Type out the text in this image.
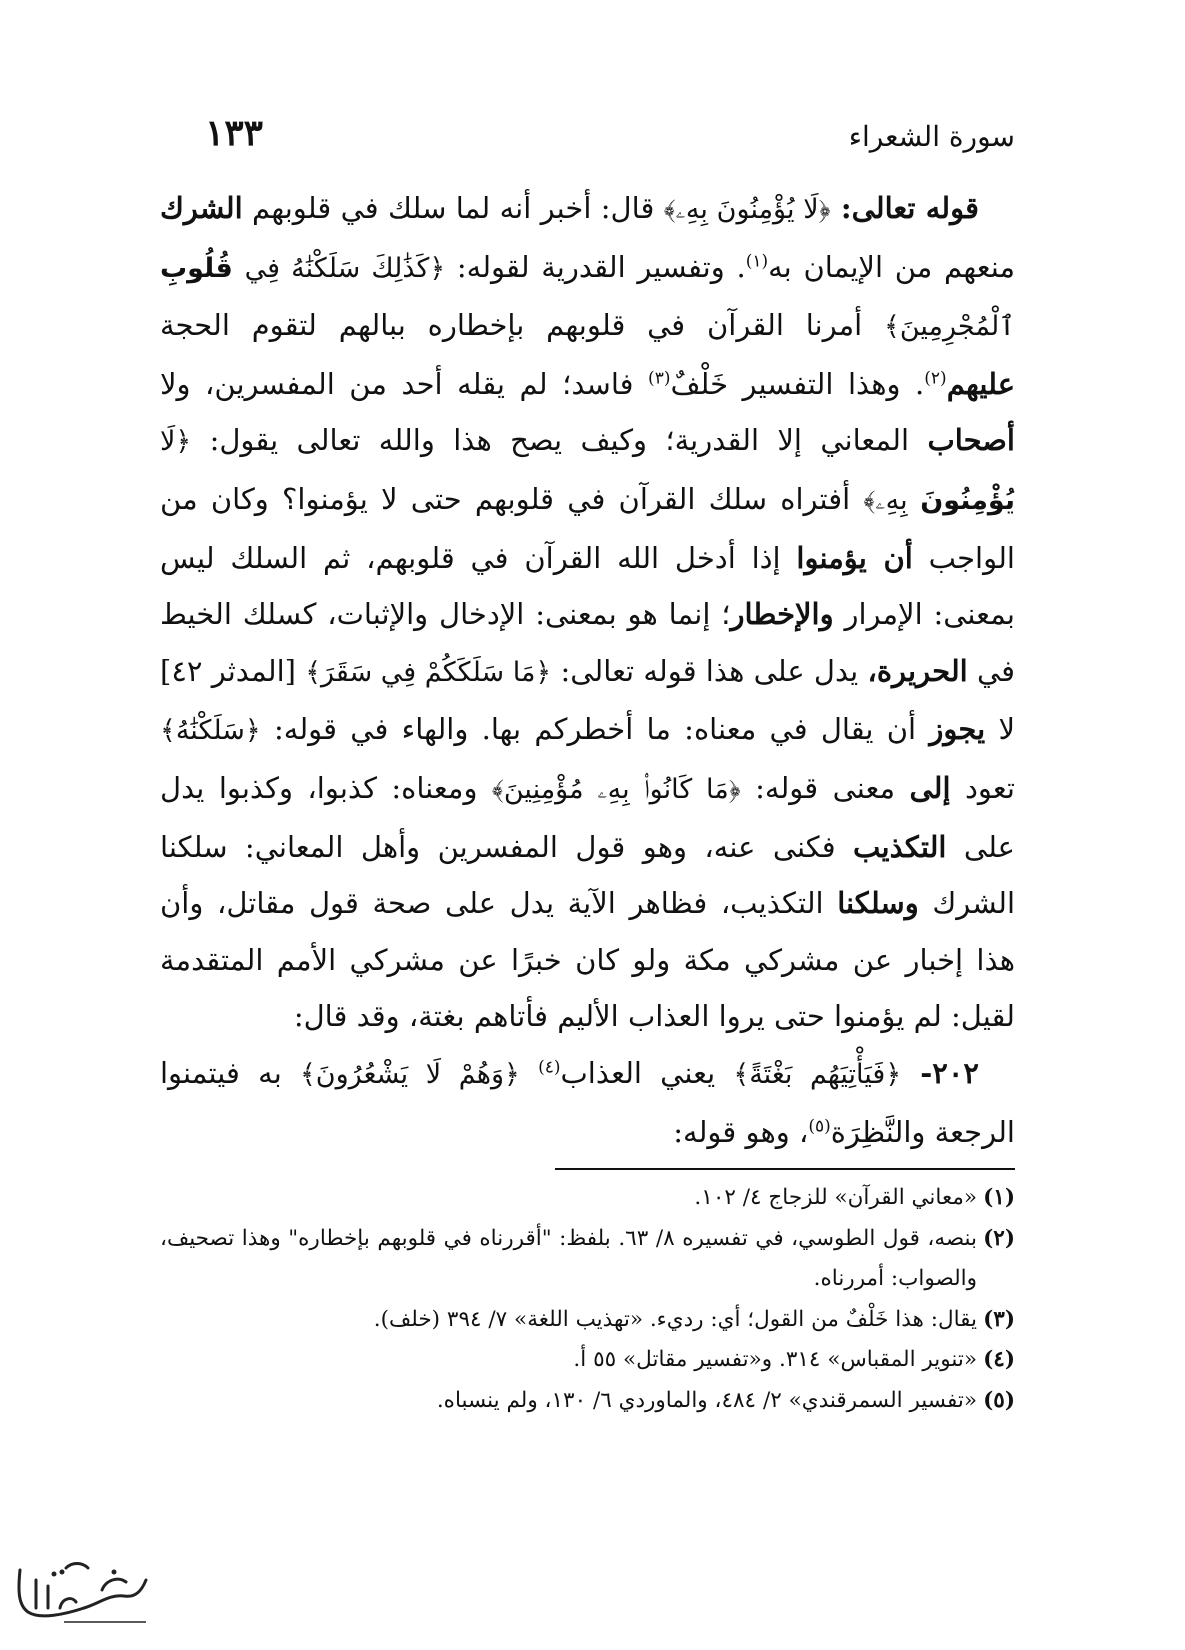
سورة الشعراء
١٣٣

قوله تعالى: ﴿لَا يُؤْمِنُونَ بِهِۦ﴾ قال: أخبر أنه لما سلك في قلوبهم الشرك منعهم من الإيمان به$^{(١)}$. وتفسير القدرية لقوله: ﴿كَذَٰلِكَ سَلَكْنَٰهُ فِي قُلُوبِ ٱلْمُجْرِمِينَ﴾ أمرنا القرآن في قلوبهم بإخطاره ببالهم لتقوم الحجة عليهم$^{(٢)}$. وهذا التفسير خَلْفٌ$^{(٣)}$ فاسد؛ لم يقله أحد من المفسرين، ولا أصحاب المعاني إلا القدرية؛ وكيف يصح هذا والله تعالى يقول: ﴿لَا يُؤْمِنُونَ بِهِۦ﴾ أفتراه سلك القرآن في قلوبهم حتى لا يؤمنوا؟ وكان من الواجب أن يؤمنوا إذا أدخل الله القرآن في قلوبهم، ثم السلك ليس بمعنى: الإمرار والإخطار؛ إنما هو بمعنى: الإدخال والإثبات، كسلك الخيط في الحريرة، يدل على هذا قوله تعالى: ﴿مَا سَلَكَكُمْ فِي سَقَرَ﴾ [المدثر ٤٢] لا يجوز أن يقال في معناه: ما أخطركم بها. والهاء في قوله: ﴿سَلَكْنَٰهُ﴾ تعود إلى معنى قوله: ﴿مَا كَانُوا۟ بِهِۦ مُؤْمِنِينَ﴾ ومعناه: كذبوا، وكذبوا يدل على التكذيب فكنى عنه، وهو قول المفسرين وأهل المعاني: سلكنا الشرك وسلكنا التكذيب، فظاهر الآية يدل على صحة قول مقاتل، وأن هذا إخبار عن مشركي مكة ولو كان خبرًا عن مشركي الأمم المتقدمة لقيل: لم يؤمنوا حتى يروا العذاب الأليم فأتاهم بغتة، وقد قال:

٢٠٢- ﴿فَيَأْتِيَهُم بَغْتَةً﴾ يعني العذاب$^{(٤)}$ ﴿وَهُمْ لَا يَشْعُرُونَ﴾ به فيتمنوا الرجعة والنَّظِرَة$^{(٥)}$، وهو قوله:

(١)«معاني القرآن» للزجاج ٤/ ١٠٢.

(٢)بنصه، قول الطوسي، في تفسيره ٨/ ٦٣. بلفظ: "أقررناه في قلوبهم بإخطاره" وهذا تصحيف، والصواب: أمررناه.

(٣)يقال: هذا خَلْفٌ من القول؛ أي: رديء. «تهذيب اللغة» ٧/ ٣٩٤ (خلف).

(٤)«تنوير المقباس» ٣١٤. و«تفسير مقاتل» ٥٥ أ.

(٥)«تفسير السمرقندي» ٢/ ٤٨٤، والماوردي ٦/ ١٣٠، ولم ينسباه.
